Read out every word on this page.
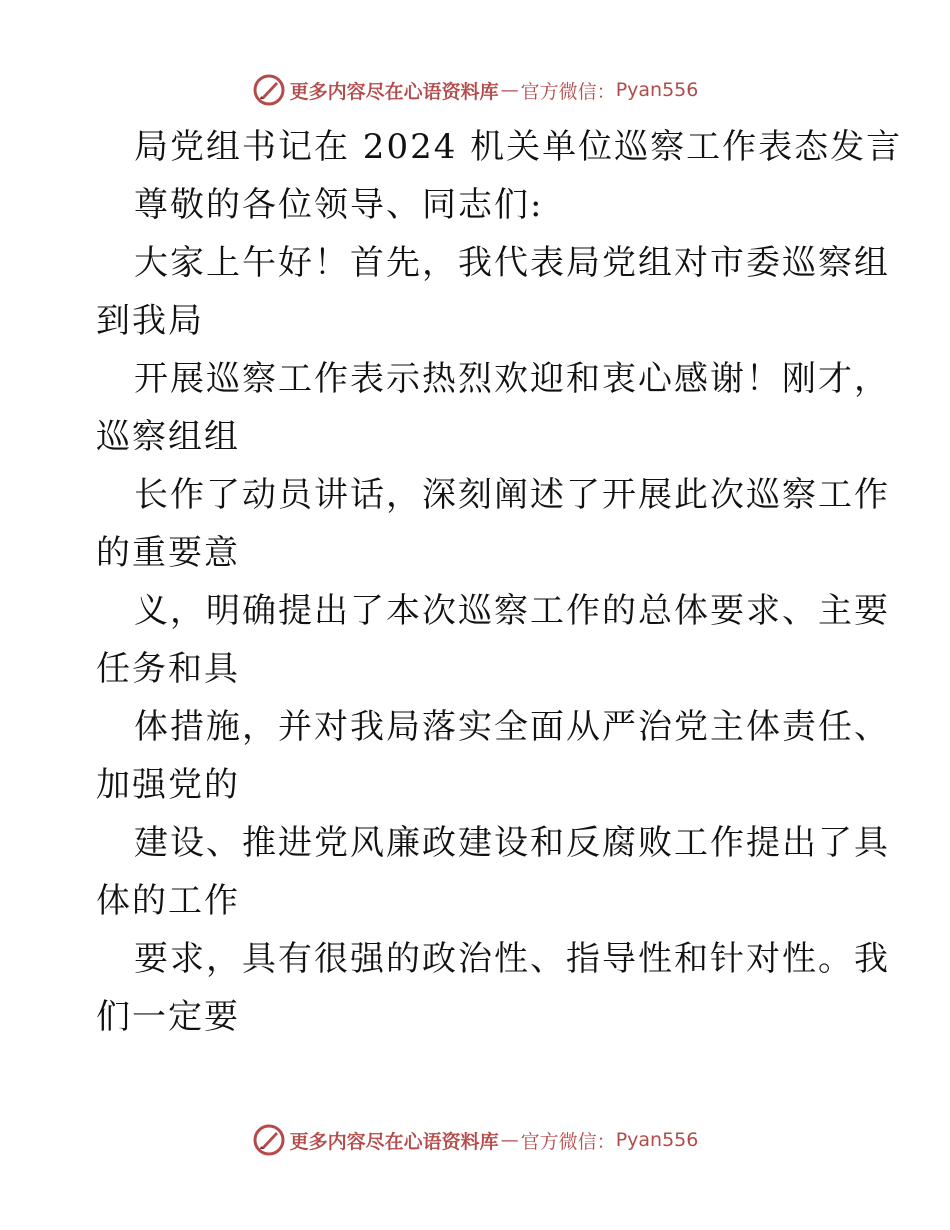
更多内容尽在心语资料库 — 官方微信： Pyan556
局党组书记在 2024 机关单位巡察工作表态发言
尊敬的各位领导、同志们:
大家上午好！首先，我代表局党组对市委巡察组
到我局
开展巡察工作表示热烈欢迎和衷心感谢！刚才，
巡察组组
长作了动员讲话，深刻阐述了开展此次巡察工作
的重要意
义，明确提出了本次巡察工作的总体要求、主要
任务和具
体措施，并对我局落实全面从严治党主体责任、
加强党的
建设、推进党风廉政建设和反腐败工作提出了具
体的工作
要求，具有很强的政治性、指导性和针对性。我
们一定要
更多内容尽在心语资料库 — 官方微信： Pyan556
